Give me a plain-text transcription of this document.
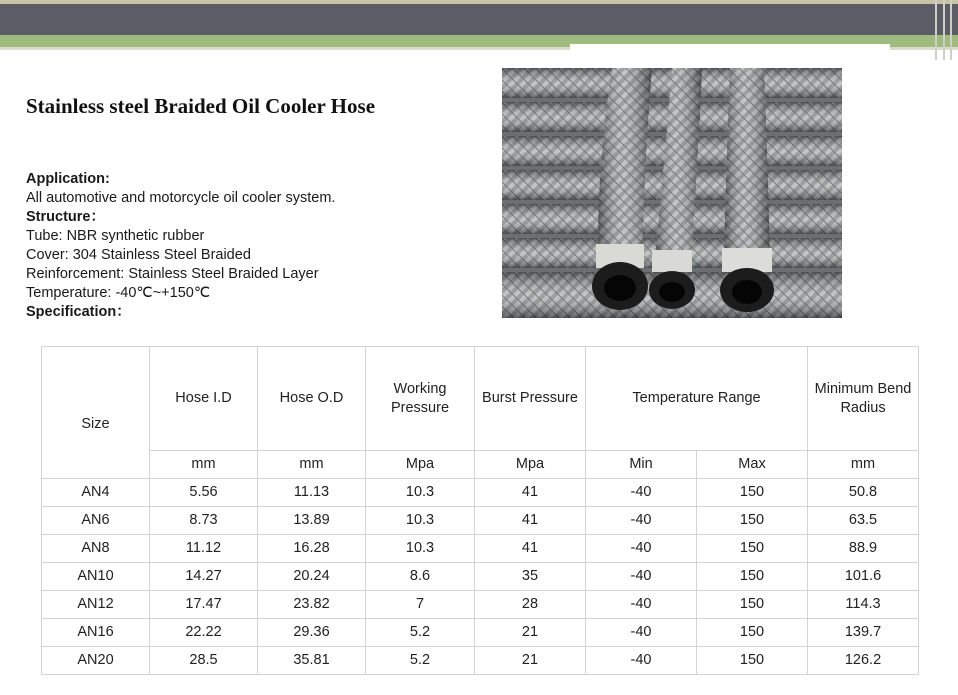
Stainless steel Braided Oil Cooler Hose
Application:
All automotive and motorcycle oil cooler system.
Structure：
Tube: NBR synthetic rubber
Cover: 304 Stainless Steel Braided
Reinforcement: Stainless Steel Braided Layer
Temperature: -40℃~+150℃
Specification：
Size	Hose I.D	Hose O.D	Working Pressure	Burst Pressure	Temperature Range		Minimum Bend Radius
	mm	mm	Mpa	Mpa	Min	Max	mm
AN4	5.56	11.13	10.3	41	-40	150	50.8
AN6	8.73	13.89	10.3	41	-40	150	63.5
AN8	11.12	16.28	10.3	41	-40	150	88.9
AN10	14.27	20.24	8.6	35	-40	150	101.6
AN12	17.47	23.82	7	28	-40	150	114.3
AN16	22.22	29.36	5.2	21	-40	150	139.7
AN20	28.5	35.81	5.2	21	-40	150	126.2
